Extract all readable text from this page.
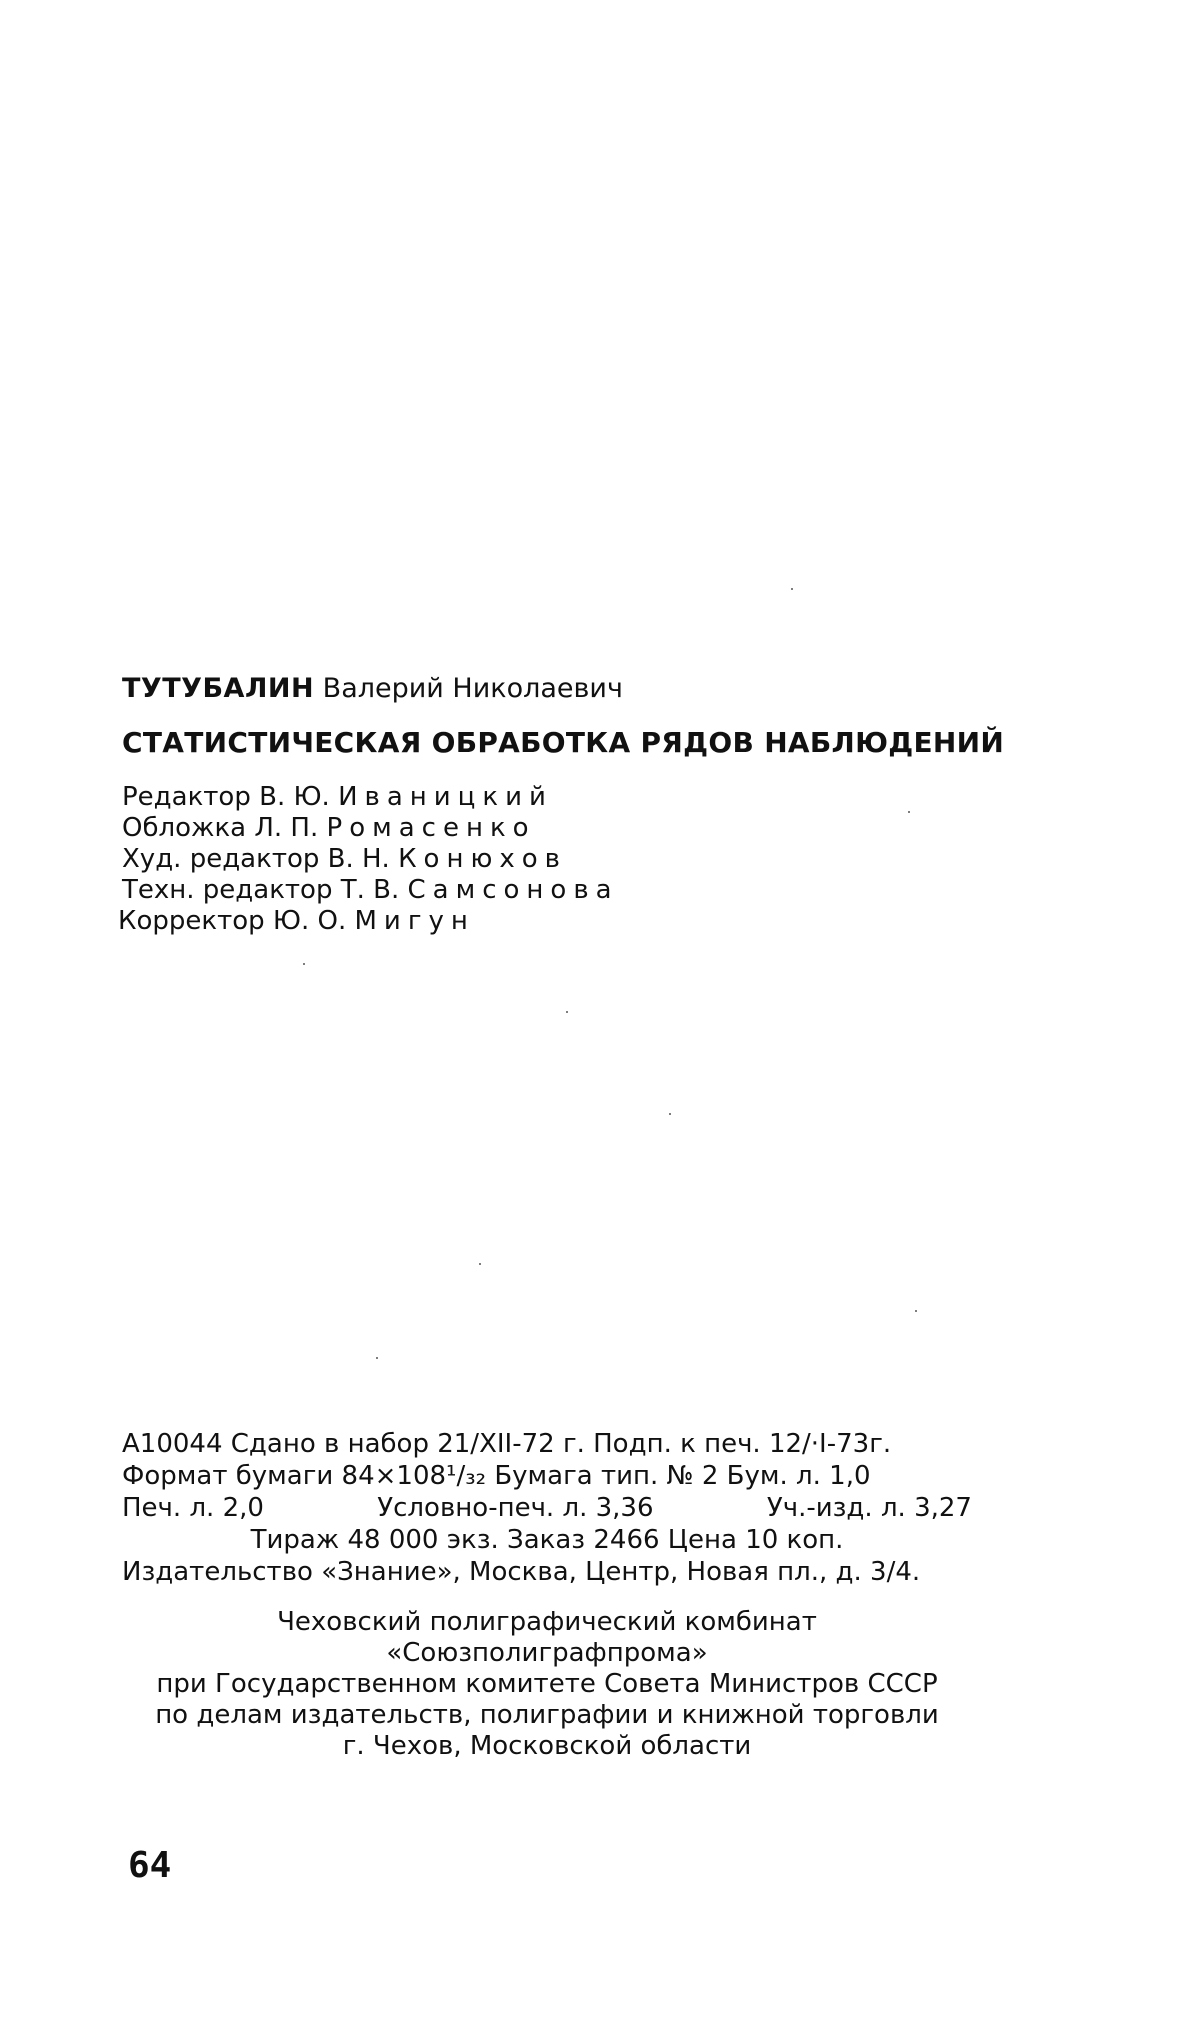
ТУТУБАЛИН Валерий Николаевич
СТАТИСТИЧЕСКАЯ ОБРАБОТКА РЯДОВ НАБЛЮДЕНИЙ
Редактор В. Ю. Иваницкий
Обложка Л. П. Ромасенко
Худ. редактор В. Н. Конюхов
Техн. редактор Т. В. Самсонова
Корректор Ю. О. Мигун
А10044 Сдано в набор 21/XII-72 г. Подп. к печ. 12/·I-73г.
Формат бумаги 84×108¹/₃₂ Бумага тип. № 2 Бум. л. 1,0
Печ. л. 2,0	Условно-печ. л. 3,36	Уч.-изд. л. 3,27
Тираж 48 000 экз. Заказ 2466 Цена 10 коп.
Издательство «Знание», Москва, Центр, Новая пл., д. 3/4.
Чеховский полиграфический комбинат
«Союзполиграфпрома»
при Государственном комитете Совета Министров СССР
по делам издательств, полиграфии и книжной торговли
г. Чехов, Московской области
64
